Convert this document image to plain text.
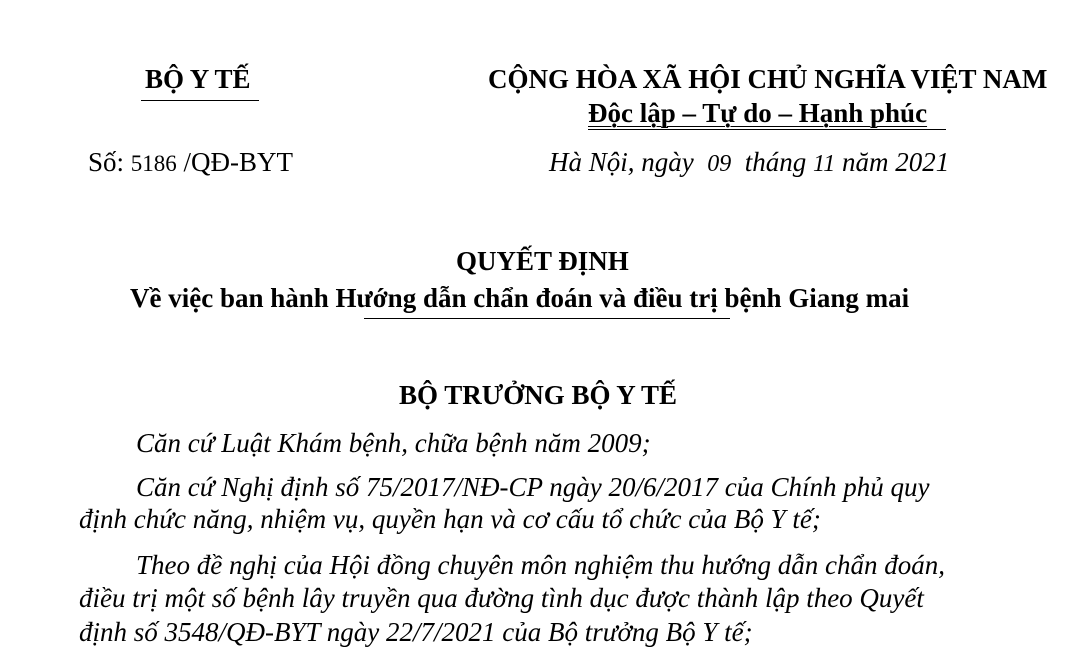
BỘ Y TẾ	CỘNG HÒA XÃ HỘI CHỦ NGHĨA VIỆT NAM
Độc lập – Tự do – Hạnh phúc
Số: 5186 /QĐ-BYT	Hà Nội, ngày 09 tháng 11 năm 2021
QUYẾT ĐỊNH
Về việc ban hành Hướng dẫn chẩn đoán và điều trị bệnh Giang mai
BỘ TRƯỞNG BỘ Y TẾ
Căn cứ Luật Khám bệnh, chữa bệnh năm 2009;
Căn cứ Nghị định số 75/2017/NĐ-CP ngày 20/6/2017 của Chính phủ quy
định chức năng, nhiệm vụ, quyền hạn và cơ cấu tổ chức của Bộ Y tế;
Theo đề nghị của Hội đồng chuyên môn nghiệm thu hướng dẫn chẩn đoán,
điều trị một số bệnh lây truyền qua đường tình dục được thành lập theo Quyết
định số 3548/QĐ-BYT ngày 22/7/2021 của Bộ trưởng Bộ Y tế;
